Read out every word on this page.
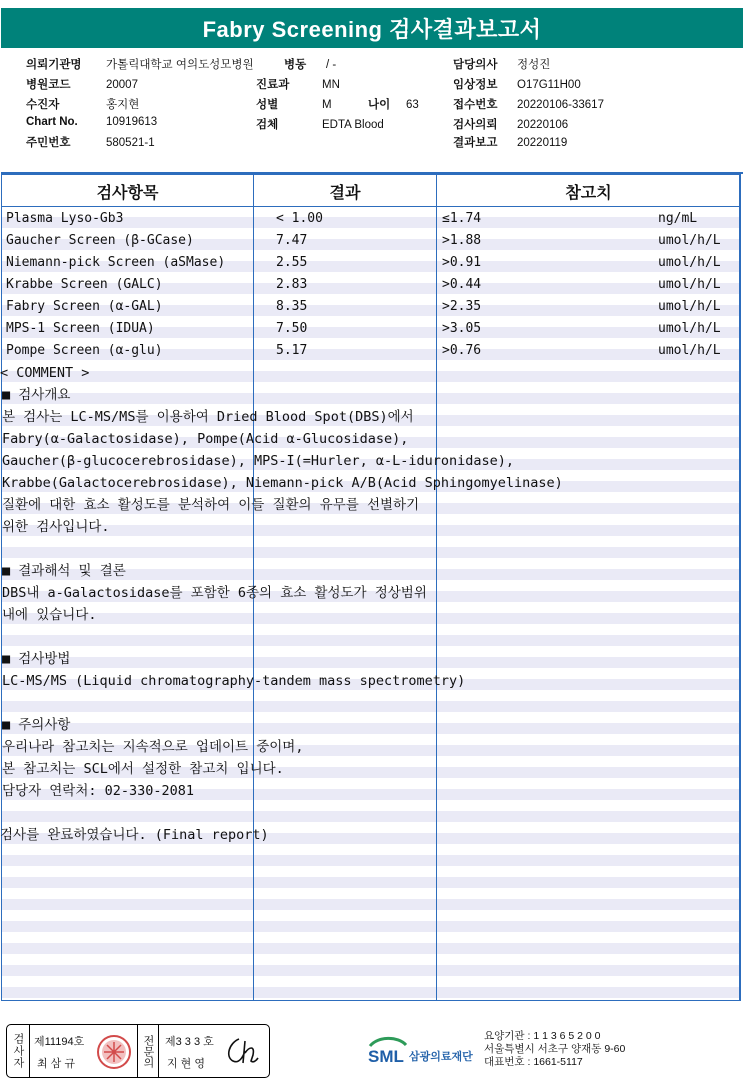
Fabry Screening 검사결과보고서
의뢰기관명 가톨릭대학교 여의도성모병원
병원코드	20007
수진자	홍지현
Chart No. 10919613
주민번호	580521-1
병동 / -
진료과	MN
성별	M	나이 63
검체	EDTA Blood
담당의사 정성진
임상정보 O17G11H00
접수번호 20220106-33617
검사의뢰 20220106
결과보고 20220119
검사항목	결과	참고치
Plasma Lyso-Gb3	< 1.00	≤1.74	ng/mL
Gaucher Screen (β-GCase)	7.47	>1.88	umol/h/L
Niemann-pick Screen (aSMase)	2.55	>0.91	umol/h/L
Krabbe Screen (GALC)	2.83	>0.44	umol/h/L
Fabry Screen (α-GAL)	8.35	>2.35	umol/h/L
MPS-1 Screen (IDUA)	7.50	>3.05	umol/h/L
Pompe Screen (α-glu)	5.17	>0.76	umol/h/L
< COMMENT >
■ 검사개요
본 검사는 LC-MS/MS를 이용하여 Dried Blood Spot(DBS)에서
Fabry(α-Galactosidase), Pompe(Acid α-Glucosidase),
Gaucher(β-glucocerebrosidase), MPS-I(=Hurler, α-L-iduronidase),
Krabbe(Galactocerebrosidase), Niemann-pick A/B(Acid Sphingomyelinase)
질환에 대한 효소 활성도를 분석하여 이들 질환의 유무를 선별하기
위한 검사입니다.
■ 결과해석 및 결론
DBS내 a-Galactosidase를 포함한 6종의 효소 활성도가 정상범위
내에 있습니다.
■ 검사방법
LC-MS/MS (Liquid chromatography-tandem mass spectrometry)
■ 주의사항
우리나라 참고치는 지속적으로 업데이트 중이며,
본 참고치는 SCL에서 설정한 참고치 입니다.
담당자 연락처: 02-330-2081
검사를 완료하였습니다. (Final report)
검사자 제11194호
최 삼 규	전문의	제3 3 3 호
지 현 영	SML 삼광의료재단
요양기관 : 1 1 3 6 5 2 0 0
서울특별시 서초구 양재동 9-60
대표번호 : 1661-5117
